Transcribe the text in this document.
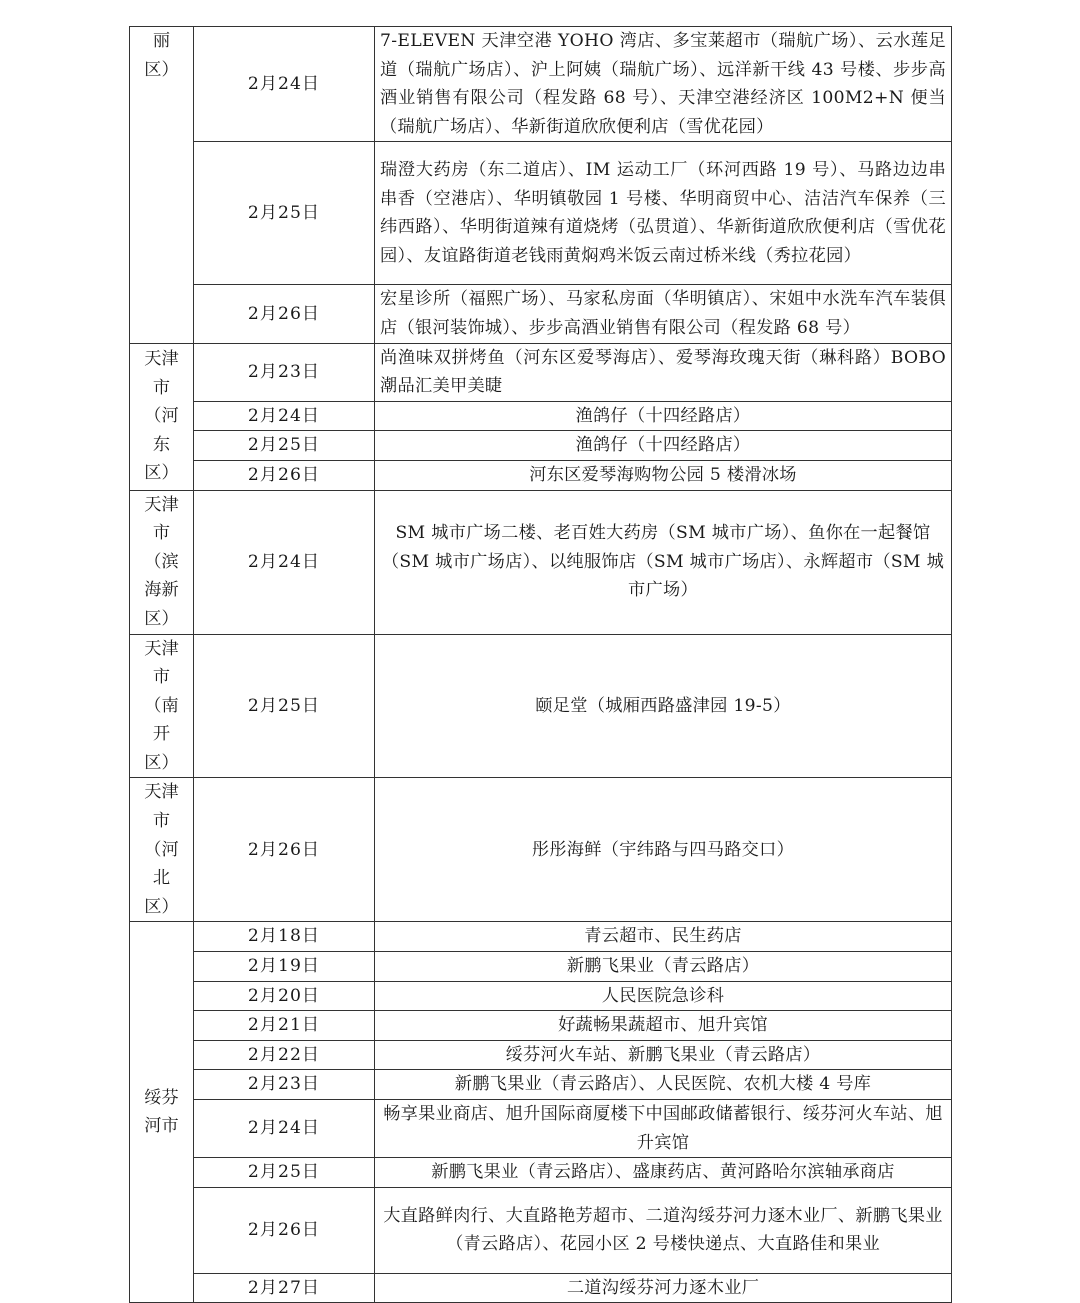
丽
区）	2月24日	7-ELEVEN 天津空港 YOHO 湾店、多宝莱超市（瑞航广场）、云水莲足道（瑞航广场店）、沪上阿姨（瑞航广场）、远洋新干线 43 号楼、步步高酒业销售有限公司（程发路 68 号）、天津空港经济区 100M2+N 便当（瑞航广场店）、华新街道欣欣便利店（雪优花园）
	2月25日	瑞澄大药房（东二道店）、IM 运动工厂（环河西路 19 号）、马路边边串串香（空港店）、华明镇敬园 1 号楼、华明商贸中心、洁洁汽车保养（三纬西路）、华明街道辣有道烧烤（弘贯道）、华新街道欣欣便利店（雪优花园）、友谊路街道老钱雨黄焖鸡米饭云南过桥米线（秀拉花园）
	2月26日	宏星诊所（福熙广场）、马家私房面（华明镇店）、宋姐中水洗车汽车装俱店（银河装饰城）、步步高酒业销售有限公司（程发路 68 号）
天津
市
（河
东
区）	2月23日	尚渔味双拼烤鱼（河东区爱琴海店）、爱琴海玫瑰天街（琳科路）BOBO 潮品汇美甲美睫
	2月24日	渔鸽仔（十四经路店）
	2月25日	渔鸽仔（十四经路店）
	2月26日	河东区爱琴海购物公园 5 楼滑冰场
天津
市
（滨
海新
区）	2月24日	SM 城市广场二楼、老百姓大药房（SM 城市广场）、鱼你在一起餐馆（SM 城市广场店）、以纯服饰店（SM 城市广场店）、永辉超市（SM 城市广场）
天津
市
（南
开
区）	2月25日	颐足堂（城厢西路盛津园 19-5）
天津
市
（河
北
区）	2月26日	彤彤海鲜（宇纬路与四马路交口）
绥芬
河市	2月18日	青云超市、民生药店
	2月19日	新鹏飞果业（青云路店）
	2月20日	人民医院急诊科
	2月21日	好蔬畅果蔬超市、旭升宾馆
	2月22日	绥芬河火车站、新鹏飞果业（青云路店）
	2月23日	新鹏飞果业（青云路店）、人民医院、农机大楼 4 号库
	2月24日	畅享果业商店、旭升国际商厦楼下中国邮政储蓄银行、绥芬河火车站、旭升宾馆
	2月25日	新鹏飞果业（青云路店）、盛康药店、黄河路哈尔滨轴承商店
	2月26日	大直路鲜肉行、大直路艳芳超市、二道沟绥芬河力逐木业厂、新鹏飞果业（青云路店）、花园小区 2 号楼快递点、大直路佳和果业
	2月27日	二道沟绥芬河力逐木业厂
